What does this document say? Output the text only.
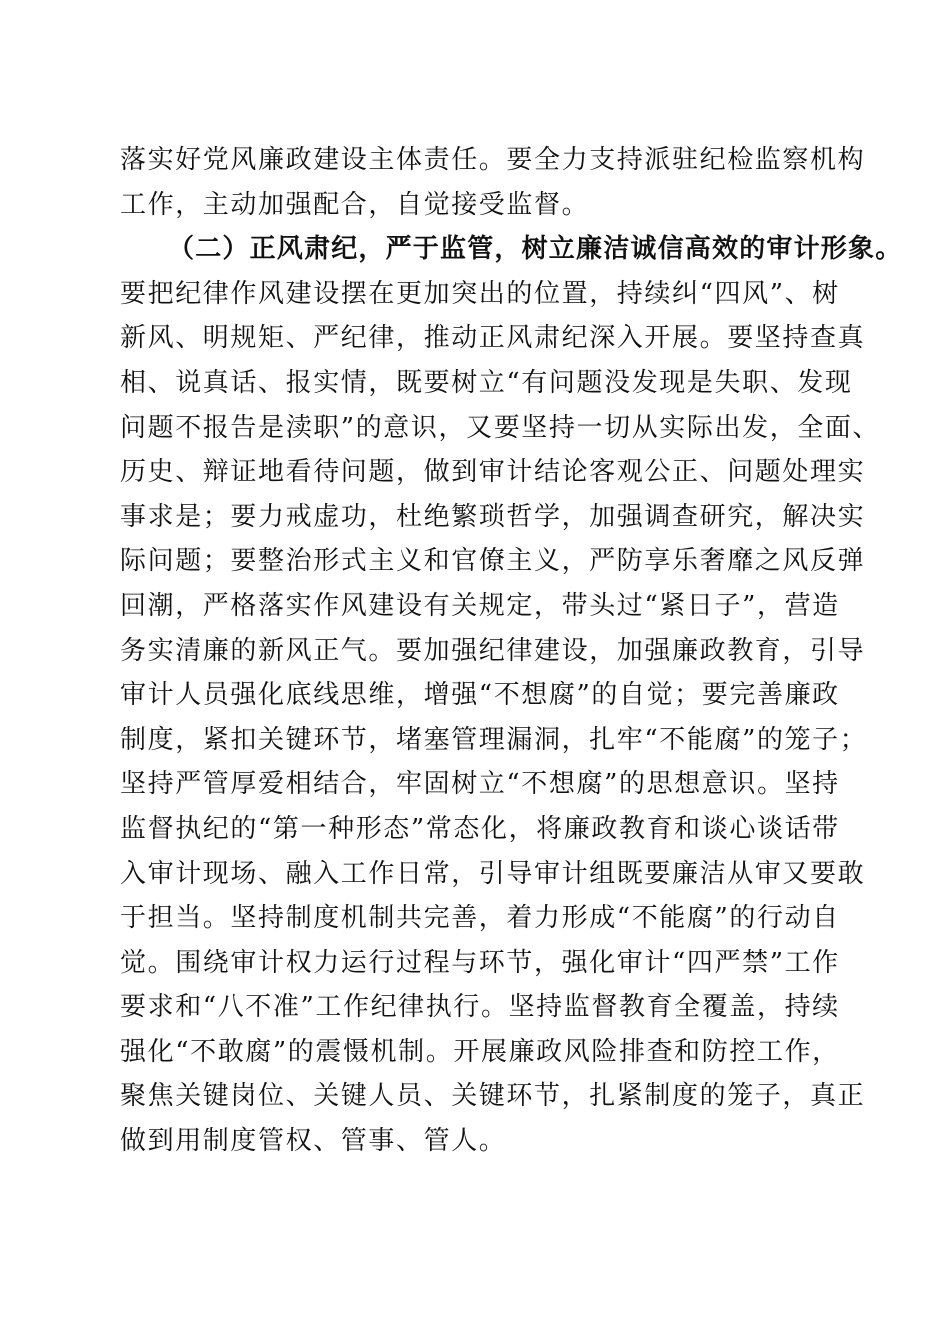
落实好党风廉政建设主体责任。要全力支持派驻纪检监察机构
工作，主动加强配合，自觉接受监督。
（二）正风肃纪，严于监管，树立廉洁诚信高效的审计形象。
要把纪律作风建设摆在更加突出的位置，持续纠“四风”、树
新风、明规矩、严纪律，推动正风肃纪深入开展。要坚持查真
相、说真话、报实情，既要树立“有问题没发现是失职、发现
问题不报告是渎职”的意识，又要坚持一切从实际出发，全面、
历史、辩证地看待问题，做到审计结论客观公正、问题处理实
事求是；要力戒虚功，杜绝繁琐哲学，加强调查研究，解决实
际问题；要整治形式主义和官僚主义，严防享乐奢靡之风反弹
回潮，严格落实作风建设有关规定，带头过“紧日子”，营造
务实清廉的新风正气。要加强纪律建设，加强廉政教育，引导
审计人员强化底线思维，增强“不想腐”的自觉；要完善廉政
制度，紧扣关键环节，堵塞管理漏洞，扎牢“不能腐”的笼子；
坚持严管厚爱相结合，牢固树立“不想腐”的思想意识。坚持
监督执纪的“第一种形态”常态化，将廉政教育和谈心谈话带
入审计现场、融入工作日常，引导审计组既要廉洁从审又要敢
于担当。坚持制度机制共完善，着力形成“不能腐”的行动自
觉。围绕审计权力运行过程与环节，强化审计“四严禁”工作
要求和“八不准”工作纪律执行。坚持监督教育全覆盖，持续
强化“不敢腐”的震慑机制。开展廉政风险排查和防控工作，
聚焦关键岗位、关键人员、关键环节，扎紧制度的笼子，真正
做到用制度管权、管事、管人。
